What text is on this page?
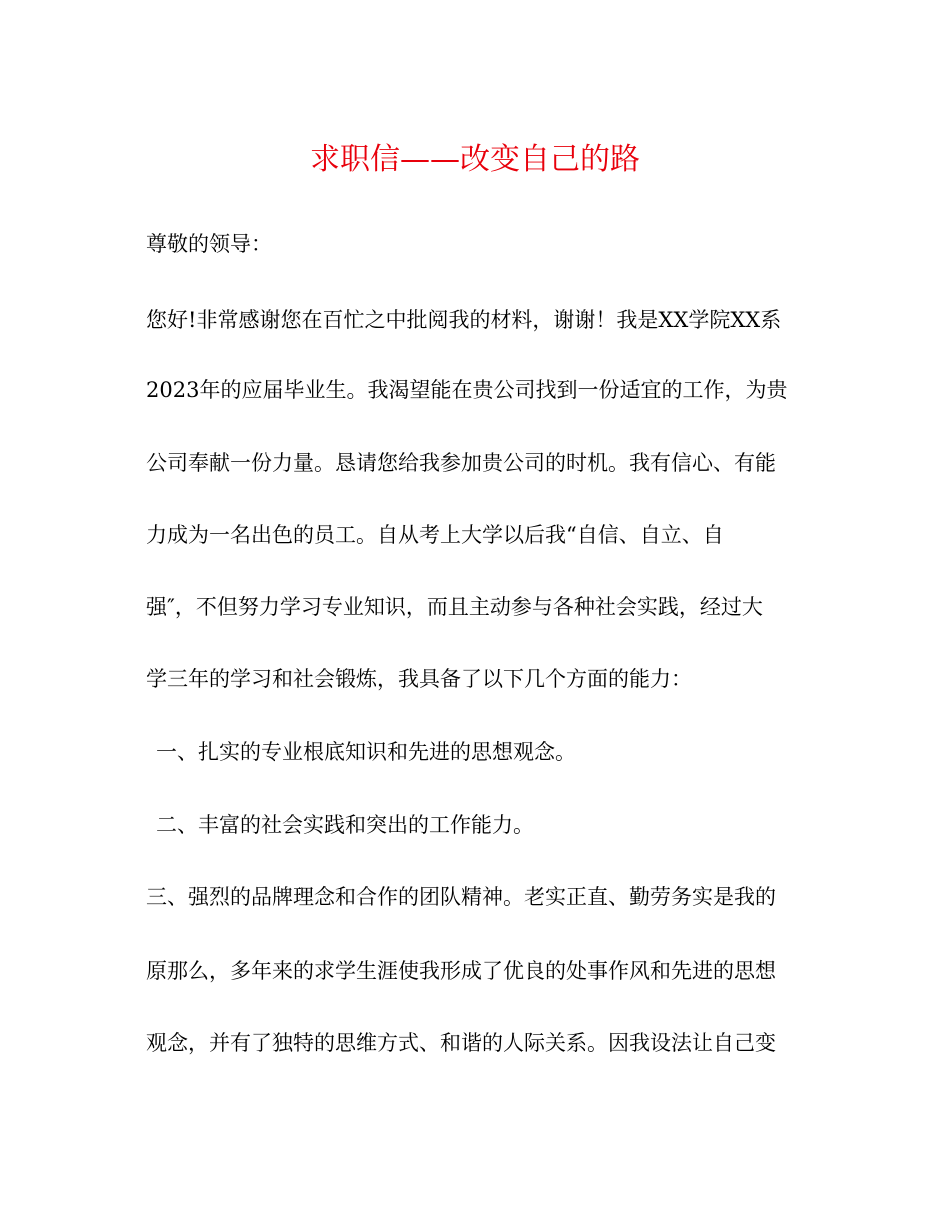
求职信——改变自己的路
尊敬的领导：
您好!非常感谢您在百忙之中批阅我的材料，谢谢！我是XX学院XX系
2023年的应届毕业生。我渴望能在贵公司找到一份适宜的工作，为贵
公司奉献一份力量。恳请您给我参加贵公司的时机。我有信心、有能
力成为一名出色的员工。自从考上大学以后我“自信、自立、自
强″，不但努力学习专业知识，而且主动参与各种社会实践，经过大
学三年的学习和社会锻炼，我具备了以下几个方面的能力：
一、扎实的专业根底知识和先进的思想观念。
二、丰富的社会实践和突出的工作能力。
三、强烈的品牌理念和合作的团队精神。老实正直、勤劳务实是我的
原那么，多年来的求学生涯使我形成了优良的处事作风和先进的思想
观念，并有了独特的思维方式、和谐的人际关系。因我设法让自己变
